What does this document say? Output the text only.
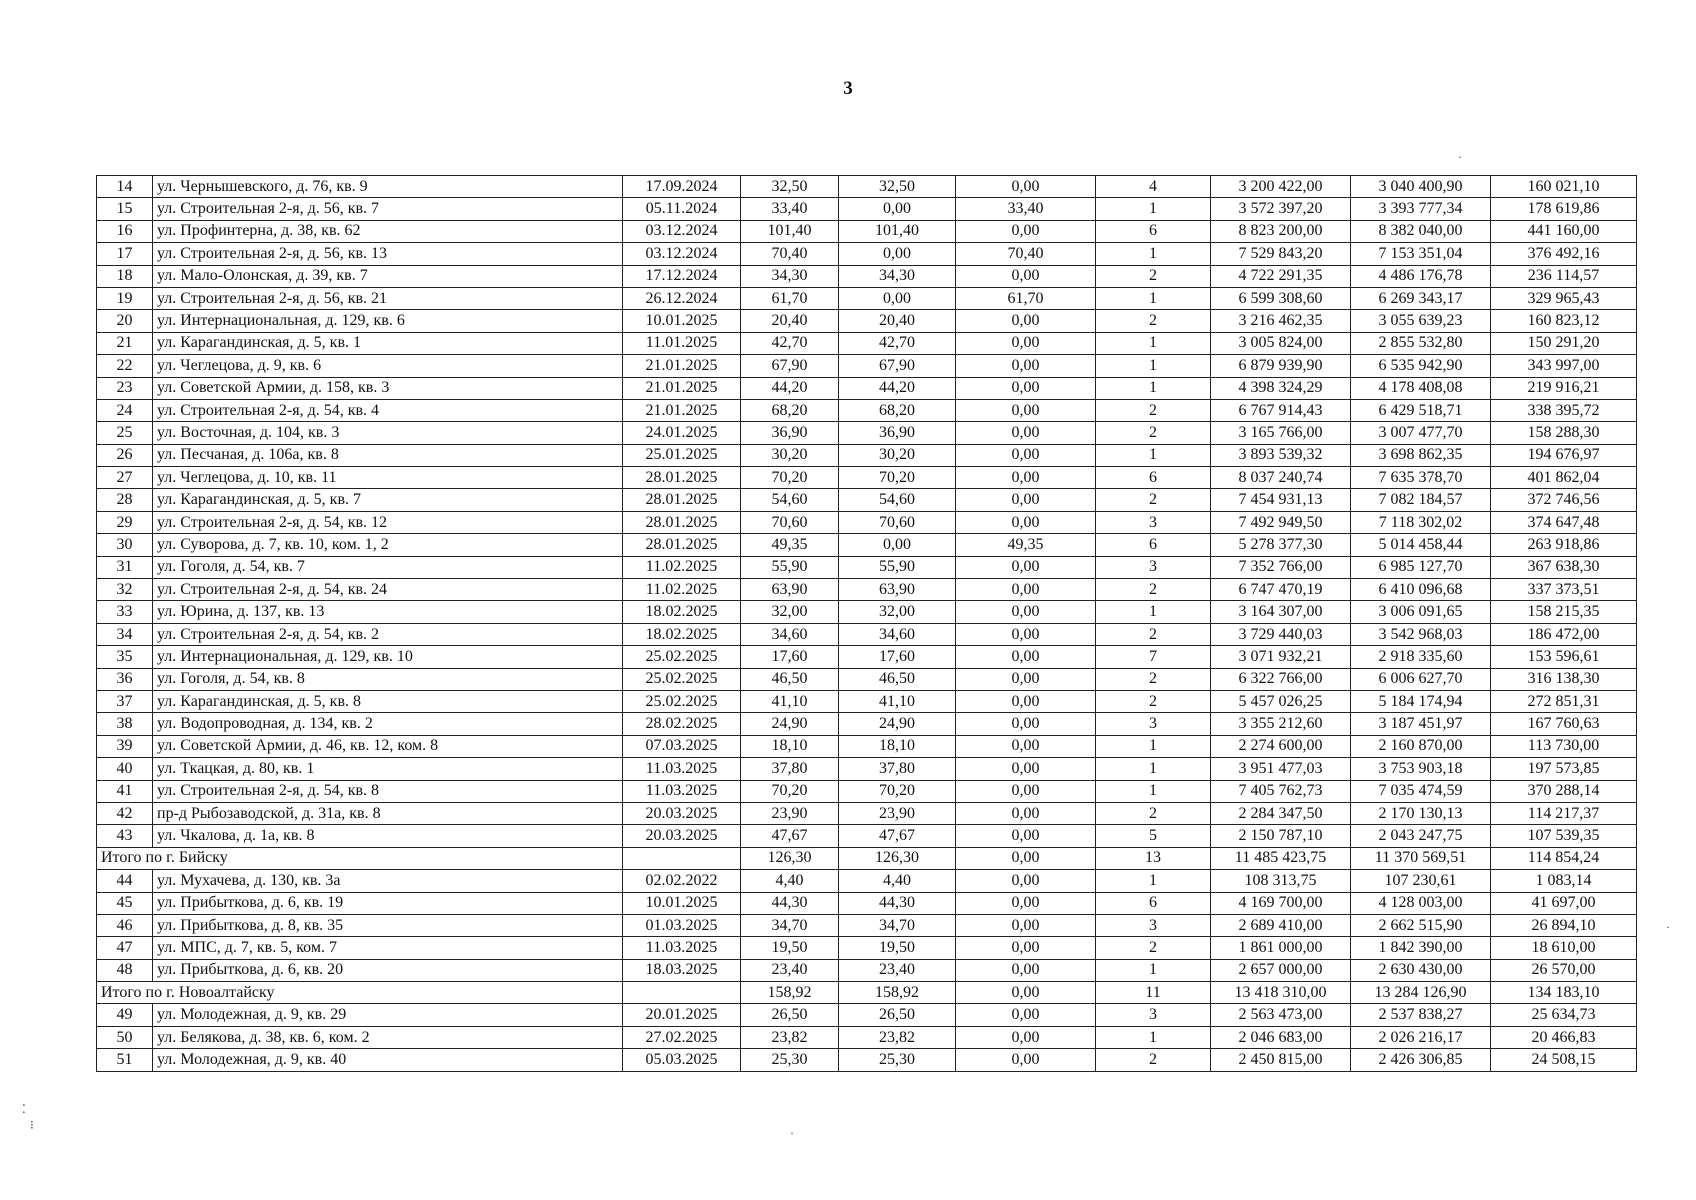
3
14	ул. Чернышевского, д. 76, кв. 9	17.09.2024	32,50	32,50	0,00	4	3 200 422,00	3 040 400,90	160 021,10
15	ул. Строительная 2-я, д. 56, кв. 7	05.11.2024	33,40	0,00	33,40	1	3 572 397,20	3 393 777,34	178 619,86
16	ул. Профинтерна, д. 38, кв. 62	03.12.2024	101,40	101,40	0,00	6	8 823 200,00	8 382 040,00	441 160,00
17	ул. Строительная 2-я, д. 56, кв. 13	03.12.2024	70,40	0,00	70,40	1	7 529 843,20	7 153 351,04	376 492,16
18	ул. Мало-Олонская, д. 39, кв. 7	17.12.2024	34,30	34,30	0,00	2	4 722 291,35	4 486 176,78	236 114,57
19	ул. Строительная 2-я, д. 56, кв. 21	26.12.2024	61,70	0,00	61,70	1	6 599 308,60	6 269 343,17	329 965,43
20	ул. Интернациональная, д. 129, кв. 6	10.01.2025	20,40	20,40	0,00	2	3 216 462,35	3 055 639,23	160 823,12
21	ул. Карагандинская, д. 5, кв. 1	11.01.2025	42,70	42,70	0,00	1	3 005 824,00	2 855 532,80	150 291,20
22	ул. Чеглецова, д. 9, кв. 6	21.01.2025	67,90	67,90	0,00	1	6 879 939,90	6 535 942,90	343 997,00
23	ул. Советской Армии, д. 158, кв. 3	21.01.2025	44,20	44,20	0,00	1	4 398 324,29	4 178 408,08	219 916,21
24	ул. Строительная 2-я, д. 54, кв. 4	21.01.2025	68,20	68,20	0,00	2	6 767 914,43	6 429 518,71	338 395,72
25	ул. Восточная, д. 104, кв. 3	24.01.2025	36,90	36,90	0,00	2	3 165 766,00	3 007 477,70	158 288,30
26	ул. Песчаная, д. 106а, кв. 8	25.01.2025	30,20	30,20	0,00	1	3 893 539,32	3 698 862,35	194 676,97
27	ул. Чеглецова, д. 10, кв. 11	28.01.2025	70,20	70,20	0,00	6	8 037 240,74	7 635 378,70	401 862,04
28	ул. Карагандинская, д. 5, кв. 7	28.01.2025	54,60	54,60	0,00	2	7 454 931,13	7 082 184,57	372 746,56
29	ул. Строительная 2-я, д. 54, кв. 12	28.01.2025	70,60	70,60	0,00	3	7 492 949,50	7 118 302,02	374 647,48
30	ул. Суворова, д. 7, кв. 10, ком. 1, 2	28.01.2025	49,35	0,00	49,35	6	5 278 377,30	5 014 458,44	263 918,86
31	ул. Гоголя, д. 54, кв. 7	11.02.2025	55,90	55,90	0,00	3	7 352 766,00	6 985 127,70	367 638,30
32	ул. Строительная 2-я, д. 54, кв. 24	11.02.2025	63,90	63,90	0,00	2	6 747 470,19	6 410 096,68	337 373,51
33	ул. Юрина, д. 137, кв. 13	18.02.2025	32,00	32,00	0,00	1	3 164 307,00	3 006 091,65	158 215,35
34	ул. Строительная 2-я, д. 54, кв. 2	18.02.2025	34,60	34,60	0,00	2	3 729 440,03	3 542 968,03	186 472,00
35	ул. Интернациональная, д. 129, кв. 10	25.02.2025	17,60	17,60	0,00	7	3 071 932,21	2 918 335,60	153 596,61
36	ул. Гоголя, д. 54, кв. 8	25.02.2025	46,50	46,50	0,00	2	6 322 766,00	6 006 627,70	316 138,30
37	ул. Карагандинская, д. 5, кв. 8	25.02.2025	41,10	41,10	0,00	2	5 457 026,25	5 184 174,94	272 851,31
38	ул. Водопроводная, д. 134, кв. 2	28.02.2025	24,90	24,90	0,00	3	3 355 212,60	3 187 451,97	167 760,63
39	ул. Советской Армии, д. 46, кв. 12, ком. 8	07.03.2025	18,10	18,10	0,00	1	2 274 600,00	2 160 870,00	113 730,00
40	ул. Ткацкая, д. 80, кв. 1	11.03.2025	37,80	37,80	0,00	1	3 951 477,03	3 753 903,18	197 573,85
41	ул. Строительная 2-я, д. 54, кв. 8	11.03.2025	70,20	70,20	0,00	1	7 405 762,73	7 035 474,59	370 288,14
42	пр-д Рыбозаводской, д. 31а, кв. 8	20.03.2025	23,90	23,90	0,00	2	2 284 347,50	2 170 130,13	114 217,37
43	ул. Чкалова, д. 1а, кв. 8	20.03.2025	47,67	47,67	0,00	5	2 150 787,10	2 043 247,75	107 539,35
Итого по г. Бийску			126,30	126,30	0,00	13	11 485 423,75	11 370 569,51	114 854,24
44	ул. Мухачева, д. 130, кв. 3а	02.02.2022	4,40	4,40	0,00	1	108 313,75	107 230,61	1 083,14
45	ул. Прибыткова, д. 6, кв. 19	10.01.2025	44,30	44,30	0,00	6	4 169 700,00	4 128 003,00	41 697,00
46	ул. Прибыткова, д. 8, кв. 35	01.03.2025	34,70	34,70	0,00	3	2 689 410,00	2 662 515,90	26 894,10
47	ул. МПС, д. 7, кв. 5, ком. 7	11.03.2025	19,50	19,50	0,00	2	1 861 000,00	1 842 390,00	18 610,00
48	ул. Прибыткова, д. 6, кв. 20	18.03.2025	23,40	23,40	0,00	1	2 657 000,00	2 630 430,00	26 570,00
Итого по г. Новоалтайску			158,92	158,92	0,00	11	13 418 310,00	13 284 126,90	134 183,10
49	ул. Молодежная, д. 9, кв. 29	20.01.2025	26,50	26,50	0,00	3	2 563 473,00	2 537 838,27	25 634,73
50	ул. Белякова, д. 38, кв. 6, ком. 2	27.02.2025	23,82	23,82	0,00	1	2 046 683,00	2 026 216,17	20 466,83
51	ул. Молодежная, д. 9, кв. 40	05.03.2025	25,30	25,30	0,00	2	2 450 815,00	2 426 306,85	24 508,15
·
·
·
⁚
⁝
